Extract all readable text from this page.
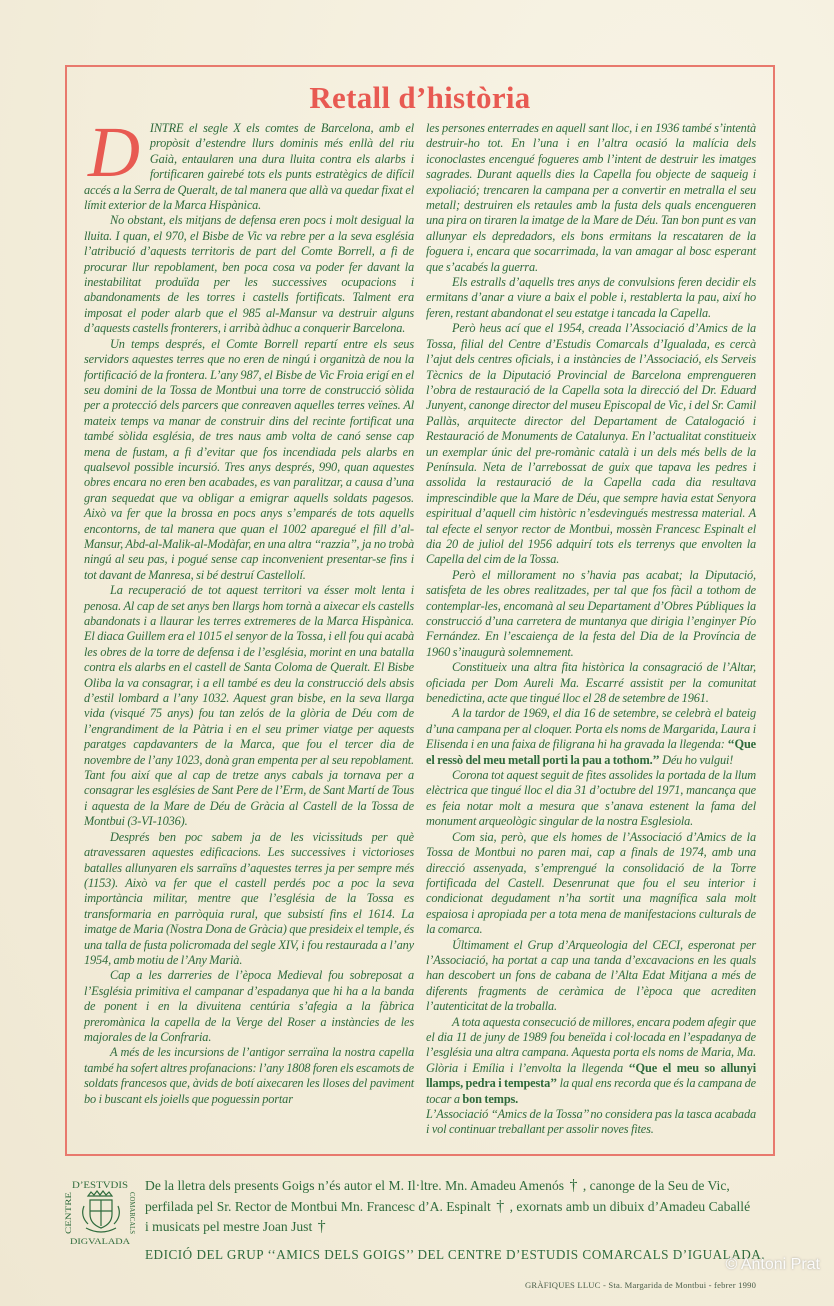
Retall d’història

DINTRE el segle X els comtes de Barcelona, amb el propòsit d’estendre llurs dominis més enllà del riu Gaià, entaularen una dura lluita contra els alarbs i fortificaren gairebé tots els punts estratègics de difícil accés a la Serra de Queralt, de tal manera que allà va quedar fixat el límit exterior de la Marca Hispànica.

No obstant, els mitjans de defensa eren pocs i molt desigual la lluita. I quan, el 970, el Bisbe de Vic va rebre per a la seva església l’atribució d’aquests territoris de part del Comte Borrell, a fi de procurar llur repoblament, ben poca cosa va poder fer davant la inestabilitat produïda per les successives ocupacions i abandonaments de les torres i castells fortificats. Talment era imposat el poder alarb que el 985 al-Mansur va destruir alguns d’aquests castells fronterers, i arribà àdhuc a conquerir Barcelona.

Un temps després, el Comte Borrell repartí entre els seus servidors aquestes terres que no eren de ningú i organitzà de nou la fortificació de la frontera. L’any 987, el Bisbe de Vic Froia erigí en el seu domini de la Tossa de Montbui una torre de construcció sòlida per a protecció dels parcers que conreaven aquelles terres veïnes. Al mateix temps va manar de construir dins del recinte fortificat una també sòlida església, de tres naus amb volta de canó sense cap mena de fustam, a fi d’evitar que fos incendiada pels alarbs en qualsevol possible incursió. Tres anys després, 990, quan aquestes obres encara no eren ben acabades, es van paralitzar, a causa d’una gran sequedat que va obligar a emigrar aquells soldats pagesos. Això va fer que la brossa en pocs anys s’emparés de tots aquells encontorns, de tal manera que quan el 1002 aparegué el fill d’al-Mansur, Abd-al-Malik-al-Modàfar, en una altra ‘‘razzia’’, ja no trobà ningú al seu pas, i pogué sense cap inconvenient presentar-se fins i tot davant de Manresa, si bé destruí Castellolí.

La recuperació de tot aquest territori va ésser molt lenta i penosa. Al cap de set anys ben llargs hom tornà a aixecar els castells abandonats i a llaurar les terres extremeres de la Marca Hispànica. El diaca Guillem era el 1015 el senyor de la Tossa, i ell fou qui acabà les obres de la torre de defensa i de l’església, morint en una batalla contra els alarbs en el castell de Santa Coloma de Queralt. El Bisbe Oliba la va consagrar, i a ell també es deu la construcció dels absis d’estil lombard a l’any 1032. Aquest gran bisbe, en la seva llarga vida (visqué 75 anys) fou tan zelós de la glòria de Déu com de l’engrandiment de la Pàtria i en el seu primer viatge per aquests paratges capdavanters de la Marca, que fou el tercer dia de novembre de l’any 1023, donà gran empenta per al seu repoblament. Tant fou així que al cap de tretze anys cabals ja tornava per a consagrar les esglésies de Sant Pere de l’Erm, de Sant Martí de Tous i aquesta de la Mare de Déu de Gràcia al Castell de la Tossa de Montbui (3-VI-1036).

Després ben poc sabem ja de les vicissituds per què atravessaren aquestes edificacions. Les successives i victorioses batalles allunyaren els sarraïns d’aquestes terres ja per sempre més (1153). Això va fer que el castell perdés poc a poc la seva importància militar, mentre que l’església de la Tossa es transformaria en parròquia rural, que subsistí fins el 1614. La imatge de Maria (Nostra Dona de Gràcia) que presideix el temple, és una talla de fusta policromada del segle XIV, i fou restaurada a l’any 1954, amb motiu de l’Any Marià.

Cap a les darreries de l’època Medieval fou sobreposat a l’Església primitiva el campanar d’espadanya que hi ha a la banda de ponent i en la divuitena centúria s’afegia a la fàbrica preromànica la capella de la Verge del Roser a instàncies de les majorales de la Confraria.

A més de les incursions de l’antigor serraïna la nostra capella també ha sofert altres profanacions: l’any 1808 foren els escamots de soldats francesos que, àvids de botí aixecaren les lloses del paviment bo i buscant els joiells que poguessin portar

les persones enterrades en aquell sant lloc, i en 1936 també s’intentà destruir-ho tot. En l’una i en l’altra ocasió la malícia dels iconoclastes encengué fogueres amb l’intent de destruir les imatges sagrades. Durant aquells dies la Capella fou objecte de saqueig i expoliació; trencaren la campana per a convertir en metralla el seu metall; destruiren els retaules amb la fusta dels quals encengueren una pira on tiraren la imatge de la Mare de Déu. Tan bon punt es van allunyar els depredadors, els bons ermitans la rescataren de la foguera i, encara que socarrimada, la van amagar al bosc esperant que s’acabés la guerra.

Els estralls d’aquells tres anys de convulsions feren decidir els ermitans d’anar a viure a baix el poble i, restablerta la pau, així ho feren, restant abandonat el seu estatge i tancada la Capella.

Però heus ací que el 1954, creada l’Associació d’Amics de la Tossa, filial del Centre d’Estudis Comarcals d’Igualada, es cercà l’ajut dels centres oficials, i a instàncies de l’Associació, els Serveis Tècnics de la Diputació Provincial de Barcelona emprengueren l’obra de restauració de la Capella sota la direcció del Dr. Eduard Junyent, canonge director del museu Episcopal de Vic, i del Sr. Camil Pallàs, arquitecte director del Departament de Catalogació i Restauració de Monuments de Catalunya. En l’actualitat constitueix un exemplar únic del pre-romànic català i un dels més bells de la Península. Neta de l’arrebossat de guix que tapava les pedres i assolida la restauració de la Capella cada dia resultava imprescindible que la Mare de Déu, que sempre havia estat Senyora espiritual d’aquell cim històric n’esdevingués mestressa material. A tal efecte el senyor rector de Montbui, mossèn Francesc Espinalt el dia 20 de juliol del 1956 adquirí tots els terrenys que envolten la Capella del cim de la Tossa.

Però el millorament no s’havia pas acabat; la Diputació, satisfeta de les obres realitzades, per tal que fos fàcil a tothom de contemplar-les, encomanà al seu Departament d’Obres Públiques la construcció d’una carretera de muntanya que dirigia l’enginyer Pío Fernández. En l’escaiença de la festa del Dia de la Província de 1960 s’inaugurà solemnement.

Constitueix una altra fita històrica la consagració de l’Altar, oficiada per Dom Aureli Ma. Escarré assistit per la comunitat benedictina, acte que tingué lloc el 28 de setembre de 1961.

A la tardor de 1969, el dia 16 de setembre, se celebrà el bateig d’una campana per al cloquer. Porta els noms de Margarida, Laura i Elisenda i en una faixa de filigrana hi ha gravada la llegenda: ‘‘Que el ressò del meu metall porti la pau a tothom.’’ Déu ho vulgui!

Corona tot aquest seguit de fites assolides la portada de la llum elèctrica que tingué lloc el dia 31 d’octubre del 1971, mancança que es feia notar molt a mesura que s’anava estenent la fama del monument arqueològic singular de la nostra Esglesiola.

Com sia, però, que els homes de l’Associació d’Amics de la Tossa de Montbui no paren mai, cap a finals de 1974, amb una direcció assenyada, s’emprengué la consolidació de la Torre fortificada del Castell. Desenrunat que fou el seu interior i condicionat degudament n’ha sortit una magnífica sala molt espaiosa i apropiada per a tota mena de manifestacions culturals de la comarca.

Últimament el Grup d’Arqueologia del CECI, esperonat per l’Associació, ha portat a cap una tanda d’excavacions en les quals han descobert un fons de cabana de l’Alta Edat Mitjana a més de diferents fragments de ceràmica de l’època que acrediten l’autenticitat de la troballa.

A tota aquesta consecució de millores, encara podem afegir que el dia 11 de juny de 1989 fou beneïda i col·locada en l’espadanya de l’església una altra campana. Aquesta porta els noms de Maria, Ma. Glòria i Emília i l’envolta la llegenda ‘‘Que el meu so allunyi llamps, pedra i tempesta’’ la qual ens recorda que és la campana de tocar a bon temps.

L’Associació ‘‘Amics de la Tossa’’ no considera pas la tasca acabada i vol continuar treballant per assolir noves fites.

D’ESTVDIS
DIGVALADA
CENTRE	COMARCALS
De la lletra dels presents Goigs n’és autor el M. Il·ltre. Mn. Amadeu Amenós † , canonge de la Seu de Vic,
perfilada pel Sr. Rector de Montbui Mn. Francesc d’A. Espinalt † , exornats amb un dibuix d’Amadeu Caballé
i musicats pel mestre Joan Just †
EDICIÓ DEL GRUP ‘‘AMICS DELS GOIGS’’ DEL CENTRE D’ESTUDIS COMARCALS D’IGUALADA.
© Antoni Prat
GRÀFIQUES LLUC - Sta. Margarida de Montbui - febrer 1990
